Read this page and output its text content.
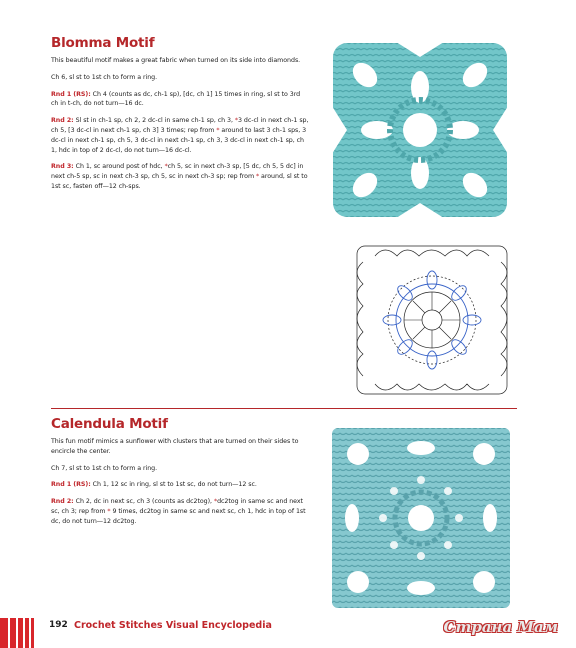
Blomma Motif

This beautiful motif makes a great fabric when turned on its side into diamonds.

Ch 6, sl st to 1st ch to form a ring.

Rnd 1 (RS): Ch 4 (counts as dc, ch-1 sp), [dc, ch 1] 15 times in ring, sl st to 3rd ch in t-ch, do not turn—16 dc.

Rnd 2: Sl st in ch-1 sp, ch 2, 2 dc-cl in same ch-1 sp, ch 3, *3 dc-cl in next ch-1 sp, ch 5, [3 dc-cl in next ch-1 sp, ch 3] 3 times; rep from * around to last 3 ch-1 sps, 3 dc-cl in next ch-1 sp, ch 5, 3 dc-cl in next ch-1 sp, ch 3, 3 dc-cl in next ch-1 sp, ch 1, hdc in top of 2 dc-cl, do not turn—16 dc-cl.

Rnd 3: Ch 1, sc around post of hdc, *ch 5, sc in next ch-3 sp, [5 dc, ch 5, 5 dc] in next ch-5 sp, sc in next ch-3 sp, ch 5, sc in next ch-3 sp; rep from * around, sl st to 1st sc, fasten off—12 ch-sps.

Calendula Motif

This fun motif mimics a sunflower with clusters that are turned on their sides to encircle the center.

Ch 7, sl st to 1st ch to form a ring.

Rnd 1 (RS): Ch 1, 12 sc in ring, sl st to 1st sc, do not turn—12 sc.

Rnd 2: Ch 2, dc in next sc, ch 3 (counts as dc2tog), *dc2tog in same sc and next sc, ch 3; rep from * 9 times, dc2tog in same sc and next sc, ch 1, hdc in top of 1st dc, do not turn—12 dc2tog.

192 Crochet Stitches Visual Encyclopedia	Страна Мам
